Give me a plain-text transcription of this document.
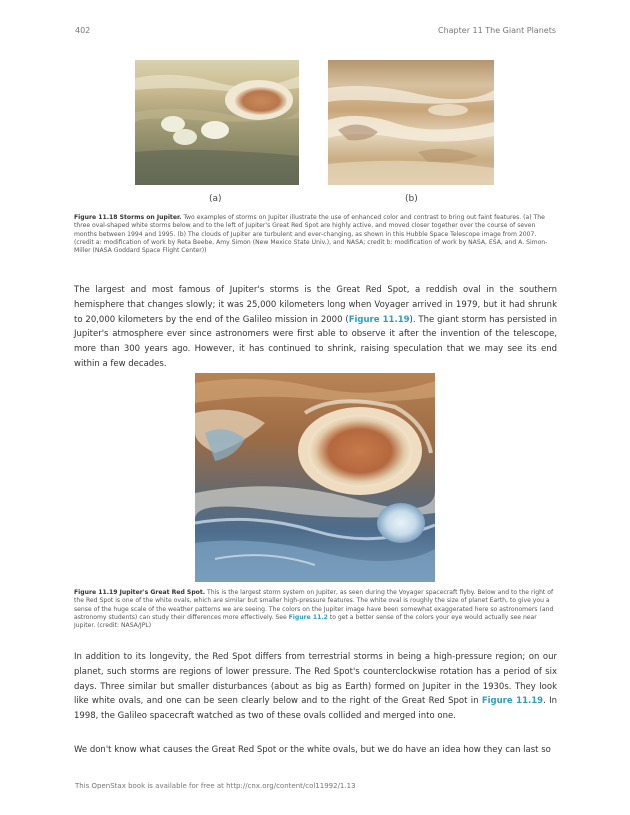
402	Chapter 11 The Giant Planets
(a)	(b)

Figure 11.18 Storms on Jupiter. Two examples of storms on Jupiter illustrate the use of enhanced color and contrast to bring out faint features. (a) The three oval-shaped white storms below and to the left of Jupiter's Great Red Spot are highly active, and moved closer together over the course of seven months between 1994 and 1995. (b) The clouds of Jupiter are turbulent and ever-changing, as shown in this Hubble Space Telescope image from 2007. (credit a: modification of work by Reta Beebe, Amy Simon (New Mexico State Univ.), and NASA; credit b: modification of work by NASA, ESA, and A. Simon-Miller (NASA Goddard Space Flight Center))

The largest and most famous of Jupiter's storms is the Great Red Spot, a reddish oval in the southern hemisphere that changes slowly; it was 25,000 kilometers long when Voyager arrived in 1979, but it had shrunk to 20,000 kilometers by the end of the Galileo mission in 2000 (Figure 11.19). The giant storm has persisted in Jupiter's atmosphere ever since astronomers were first able to observe it after the invention of the telescope, more than 300 years ago. However, it has continued to shrink, raising speculation that we may see its end within a few decades.

Figure 11.19 Jupiter's Great Red Spot. This is the largest storm system on Jupiter, as seen during the Voyager spacecraft flyby. Below and to the right of the Red Spot is one of the white ovals, which are similar but smaller high-pressure features. The white oval is roughly the size of planet Earth, to give you a sense of the huge scale of the weather patterns we are seeing. The colors on the Jupiter image have been somewhat exaggerated here so astronomers (and astronomy students) can study their differences more effectively. See Figure 11.2 to get a better sense of the colors your eye would actually see near Jupiter. (credit: NASA/JPL)

In addition to its longevity, the Red Spot differs from terrestrial storms in being a high-pressure region; on our planet, such storms are regions of lower pressure. The Red Spot's counterclockwise rotation has a period of six days. Three similar but smaller disturbances (about as big as Earth) formed on Jupiter in the 1930s. They look like white ovals, and one can be seen clearly below and to the right of the Great Red Spot in Figure 11.19. In 1998, the Galileo spacecraft watched as two of these ovals collided and merged into one.

We don't know what causes the Great Red Spot or the white ovals, but we do have an idea how they can last so

This OpenStax book is available for free at http://cnx.org/content/col11992/1.13
